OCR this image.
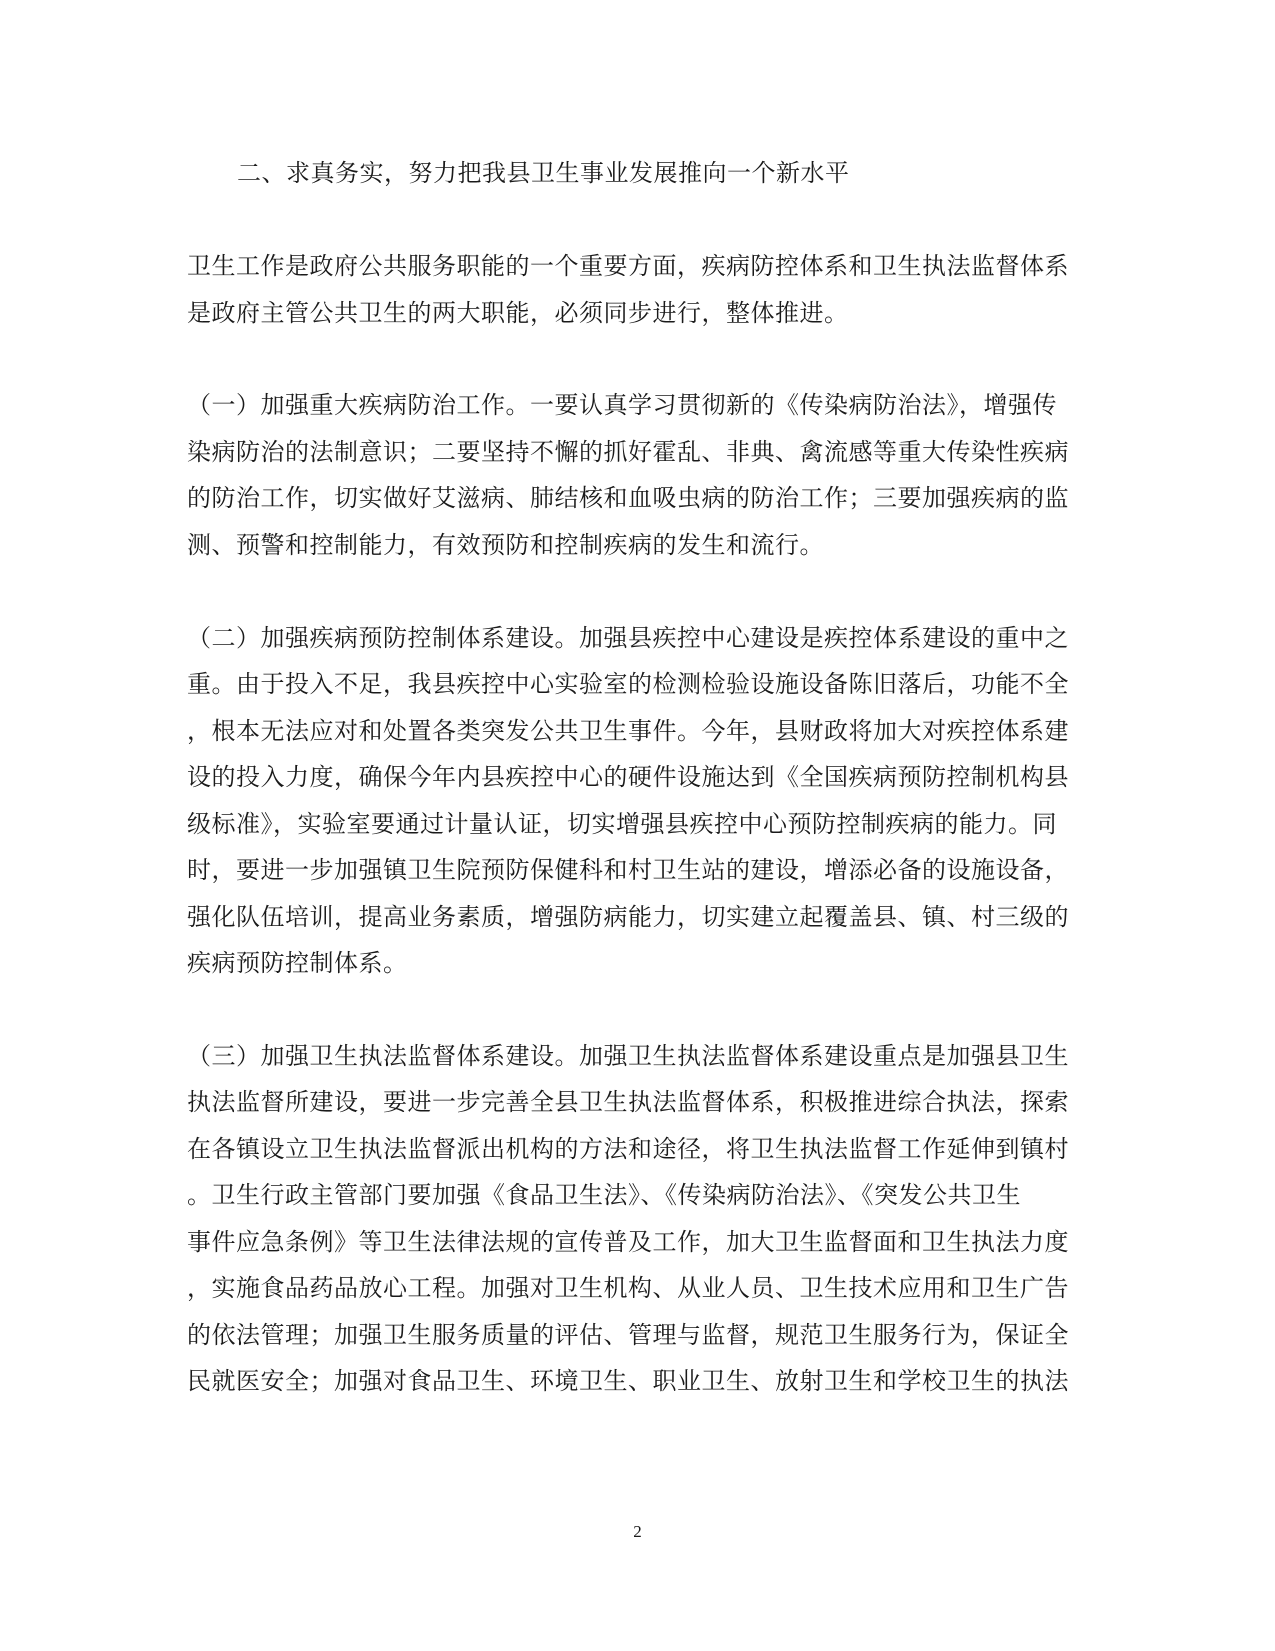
二、求真务实，努力把我县卫生事业发展推向一个新水平
卫生工作是政府公共服务职能的一个重要方面，疾病防控体系和卫生执法监督体系
是政府主管公共卫生的两大职能，必须同步进行，整体推进。
（一）加强重大疾病防治工作。一要认真学习贯彻新的《传染病防治法》，增强传
染病防治的法制意识；二要坚持不懈的抓好霍乱、非典、禽流感等重大传染性疾病
的防治工作，切实做好艾滋病、肺结核和血吸虫病的防治工作；三要加强疾病的监
测、预警和控制能力，有效预防和控制疾病的发生和流行。
（二）加强疾病预防控制体系建设。加强县疾控中心建设是疾控体系建设的重中之
重。由于投入不足，我县疾控中心实验室的检测检验设施设备陈旧落后，功能不全
，根本无法应对和处置各类突发公共卫生事件。今年，县财政将加大对疾控体系建
设的投入力度，确保今年内县疾控中心的硬件设施达到《全国疾病预防控制机构县
级标准》，实验室要通过计量认证，切实增强县疾控中心预防控制疾病的能力。同
时，要进一步加强镇卫生院预防保健科和村卫生站的建设，增添必备的设施设备，
强化队伍培训，提高业务素质，增强防病能力，切实建立起覆盖县、镇、村三级的
疾病预防控制体系。
（三）加强卫生执法监督体系建设。加强卫生执法监督体系建设重点是加强县卫生
执法监督所建设，要进一步完善全县卫生执法监督体系，积极推进综合执法，探索
在各镇设立卫生执法监督派出机构的方法和途径，将卫生执法监督工作延伸到镇村
。卫生行政主管部门要加强《食品卫生法》、《传染病防治法》、《突发公共卫生
事件应急条例》等卫生法律法规的宣传普及工作，加大卫生监督面和卫生执法力度
，实施食品药品放心工程。加强对卫生机构、从业人员、卫生技术应用和卫生广告
的依法管理；加强卫生服务质量的评估、管理与监督，规范卫生服务行为，保证全
民就医安全；加强对食品卫生、环境卫生、职业卫生、放射卫生和学校卫生的执法
2
